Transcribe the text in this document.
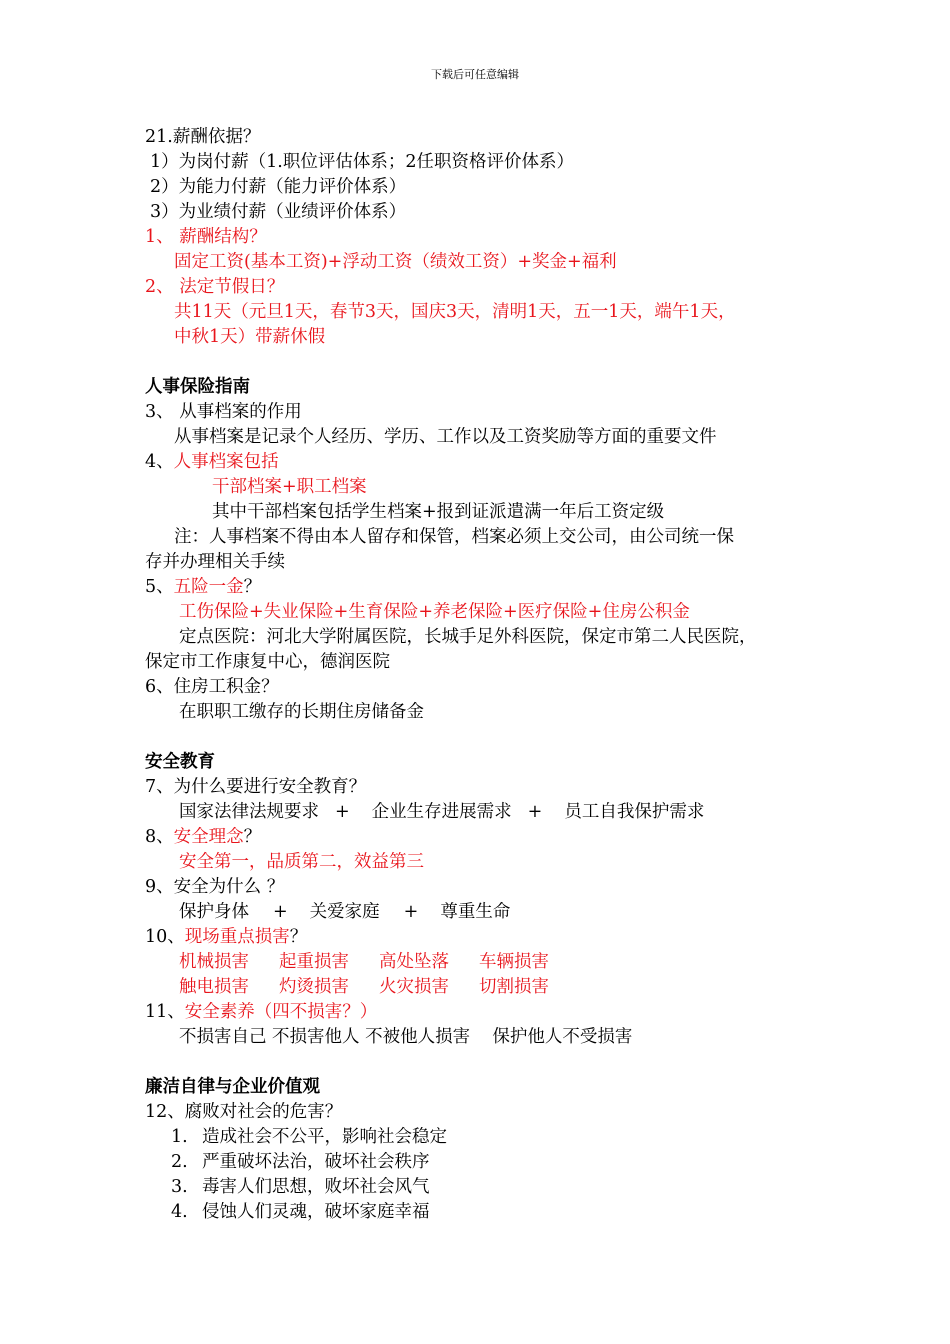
下载后可任意编辑
21.薪酬依据？
1）为岗付薪（1.职位评估体系；2任职资格评价体系）
2）为能力付薪（能力评价体系）
3）为业绩付薪（业绩评价体系）
1、 薪酬结构？
固定工资(基本工资)+浮动工资（绩效工资）+奖金+福利
2、 法定节假日？
共11天（元旦1天，春节3天，国庆3天，清明1天，五一1天，端午1天，
中秋1天）带薪休假
人事保险指南
3、 从事档案的作用
从事档案是记录个人经历、学历、工作以及工资奖励等方面的重要文件
4、人事档案包括
干部档案+职工档案
其中干部档案包括学生档案+报到证派遣满一年后工资定级
注：人事档案不得由本人留存和保管，档案必须上交公司，由公司统一保
存并办理相关手续
5、五险一金？
工伤保险+失业保险+生育保险+养老保险+医疗保险+住房公积金
定点医院：河北大学附属医院，长城手足外科医院，保定市第二人民医院，
保定市工作康复中心，德润医院
6、住房工积金？
在职职工缴存的长期住房储备金
安全教育
7、为什么要进行安全教育？
国家法律法规要求 +	企业生存进展需求 +	员工自我保护需求
8、安全理念？
安全第一，品质第二，效益第三
9、安全为什么 ？
保护身体	+	关爱家庭	+	尊重生命
10、现场重点损害？
机械损害	起重损害	高处坠落	车辆损害
触电损害	灼烫损害	火灾损害	切割损害
11、安全素养（四不损害？）
不损害自己 不损害他人 不被他人损害    保护他人不受损害
廉洁自律与企业价值观
12、腐败对社会的危害？
1. 造成社会不公平，影响社会稳定
2. 严重破坏法治，破坏社会秩序
3. 毒害人们思想，败坏社会风气
4. 侵蚀人们灵魂，破坏家庭幸福
